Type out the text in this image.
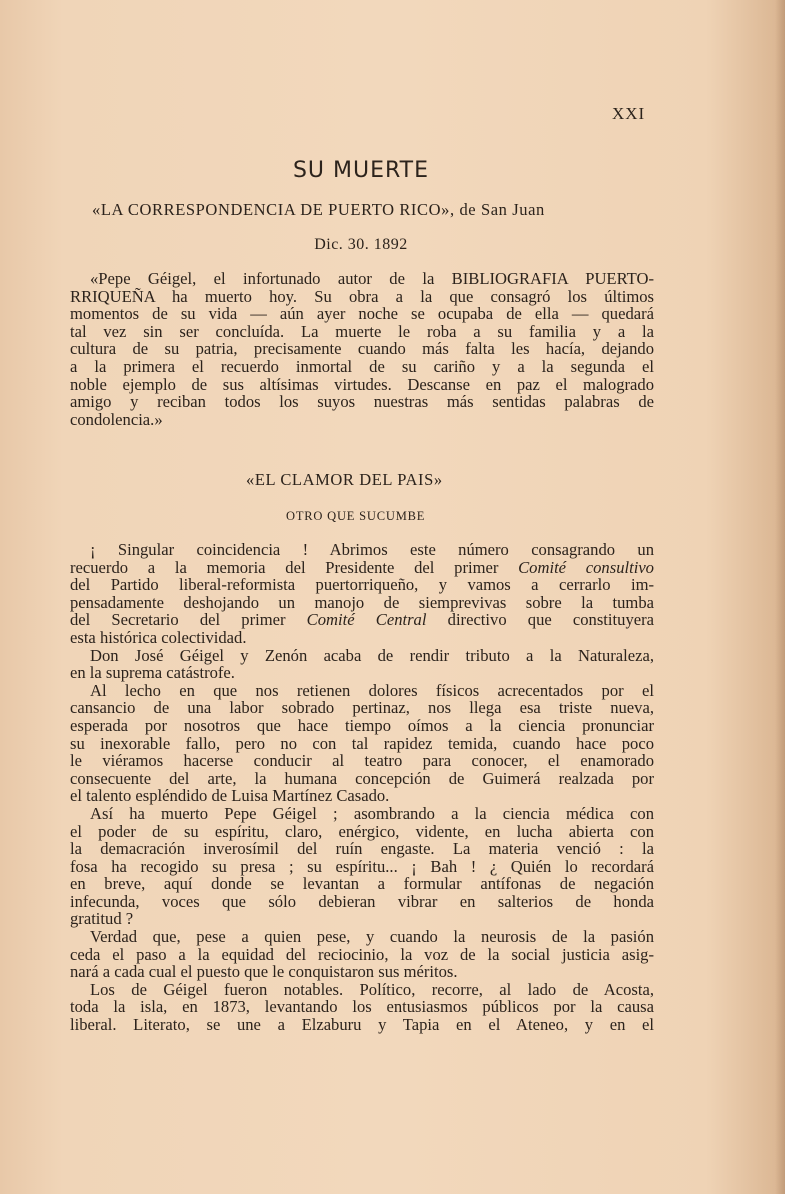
XXI
SU MUERTE
«LA CORRESPONDENCIA DE PUERTO RICO», de San Juan
Dic. 30. 1892
«Pepe Géigel, el infortunado autor de la BIBLIOGRAFIA PUERTO-
RRIQUEÑA ha muerto hoy. Su obra a la que consagró los últimos
momentos de su vida — aún ayer noche se ocupaba de ella — quedará
tal vez sin ser concluída. La muerte le roba a su familia y a la
cultura de su patria, precisamente cuando más falta les hacía, dejando
a la primera el recuerdo inmortal de su cariño y a la segunda el
noble ejemplo de sus altísimas virtudes. Descanse en paz el malogrado
amigo y reciban todos los suyos nuestras más sentidas palabras de
condolencia.»
«EL CLAMOR DEL PAIS»
OTRO QUE SUCUMBE
¡ Singular coincidencia ! Abrimos este número consagrando un
recuerdo a la memoria del Presidente del primer Comité consultivo
del Partido liberal-reformista puertorriqueño, y vamos a cerrarlo im-
pensadamente deshojando un manojo de siemprevivas sobre la tumba
del Secretario del primer Comité Central directivo que constituyera
esta histórica colectividad.
Don José Géigel y Zenón acaba de rendir tributo a la Naturaleza,
en la suprema catástrofe.
Al lecho en que nos retienen dolores físicos acrecentados por el
cansancio de una labor sobrado pertinaz, nos llega esa triste nueva,
esperada por nosotros que hace tiempo oímos a la ciencia pronunciar
su inexorable fallo, pero no con tal rapidez temida, cuando hace poco
le viéramos hacerse conducir al teatro para conocer, el enamorado
consecuente del arte, la humana concepción de Guimerá realzada por
el talento espléndido de Luisa Martínez Casado.
Así ha muerto Pepe Géigel ; asombrando a la ciencia médica con
el poder de su espíritu, claro, enérgico, vidente, en lucha abierta con
la demacración inverosímil del ruín engaste. La materia venció : la
fosa ha recogido su presa ; su espíritu... ¡ Bah ! ¿ Quién lo recordará
en breve, aquí donde se levantan a formular antífonas de negación
infecunda, voces que sólo debieran vibrar en salterios de honda
gratitud ?
Verdad que, pese a quien pese, y cuando la neurosis de la pasión
ceda el paso a la equidad del reciocinio, la voz de la social justicia asig-
nará a cada cual el puesto que le conquistaron sus méritos.
Los de Géigel fueron notables. Político, recorre, al lado de Acosta,
toda la isla, en 1873, levantando los entusiasmos públicos por la causa
liberal. Literato, se une a Elzaburu y Tapia en el Ateneo, y en el
